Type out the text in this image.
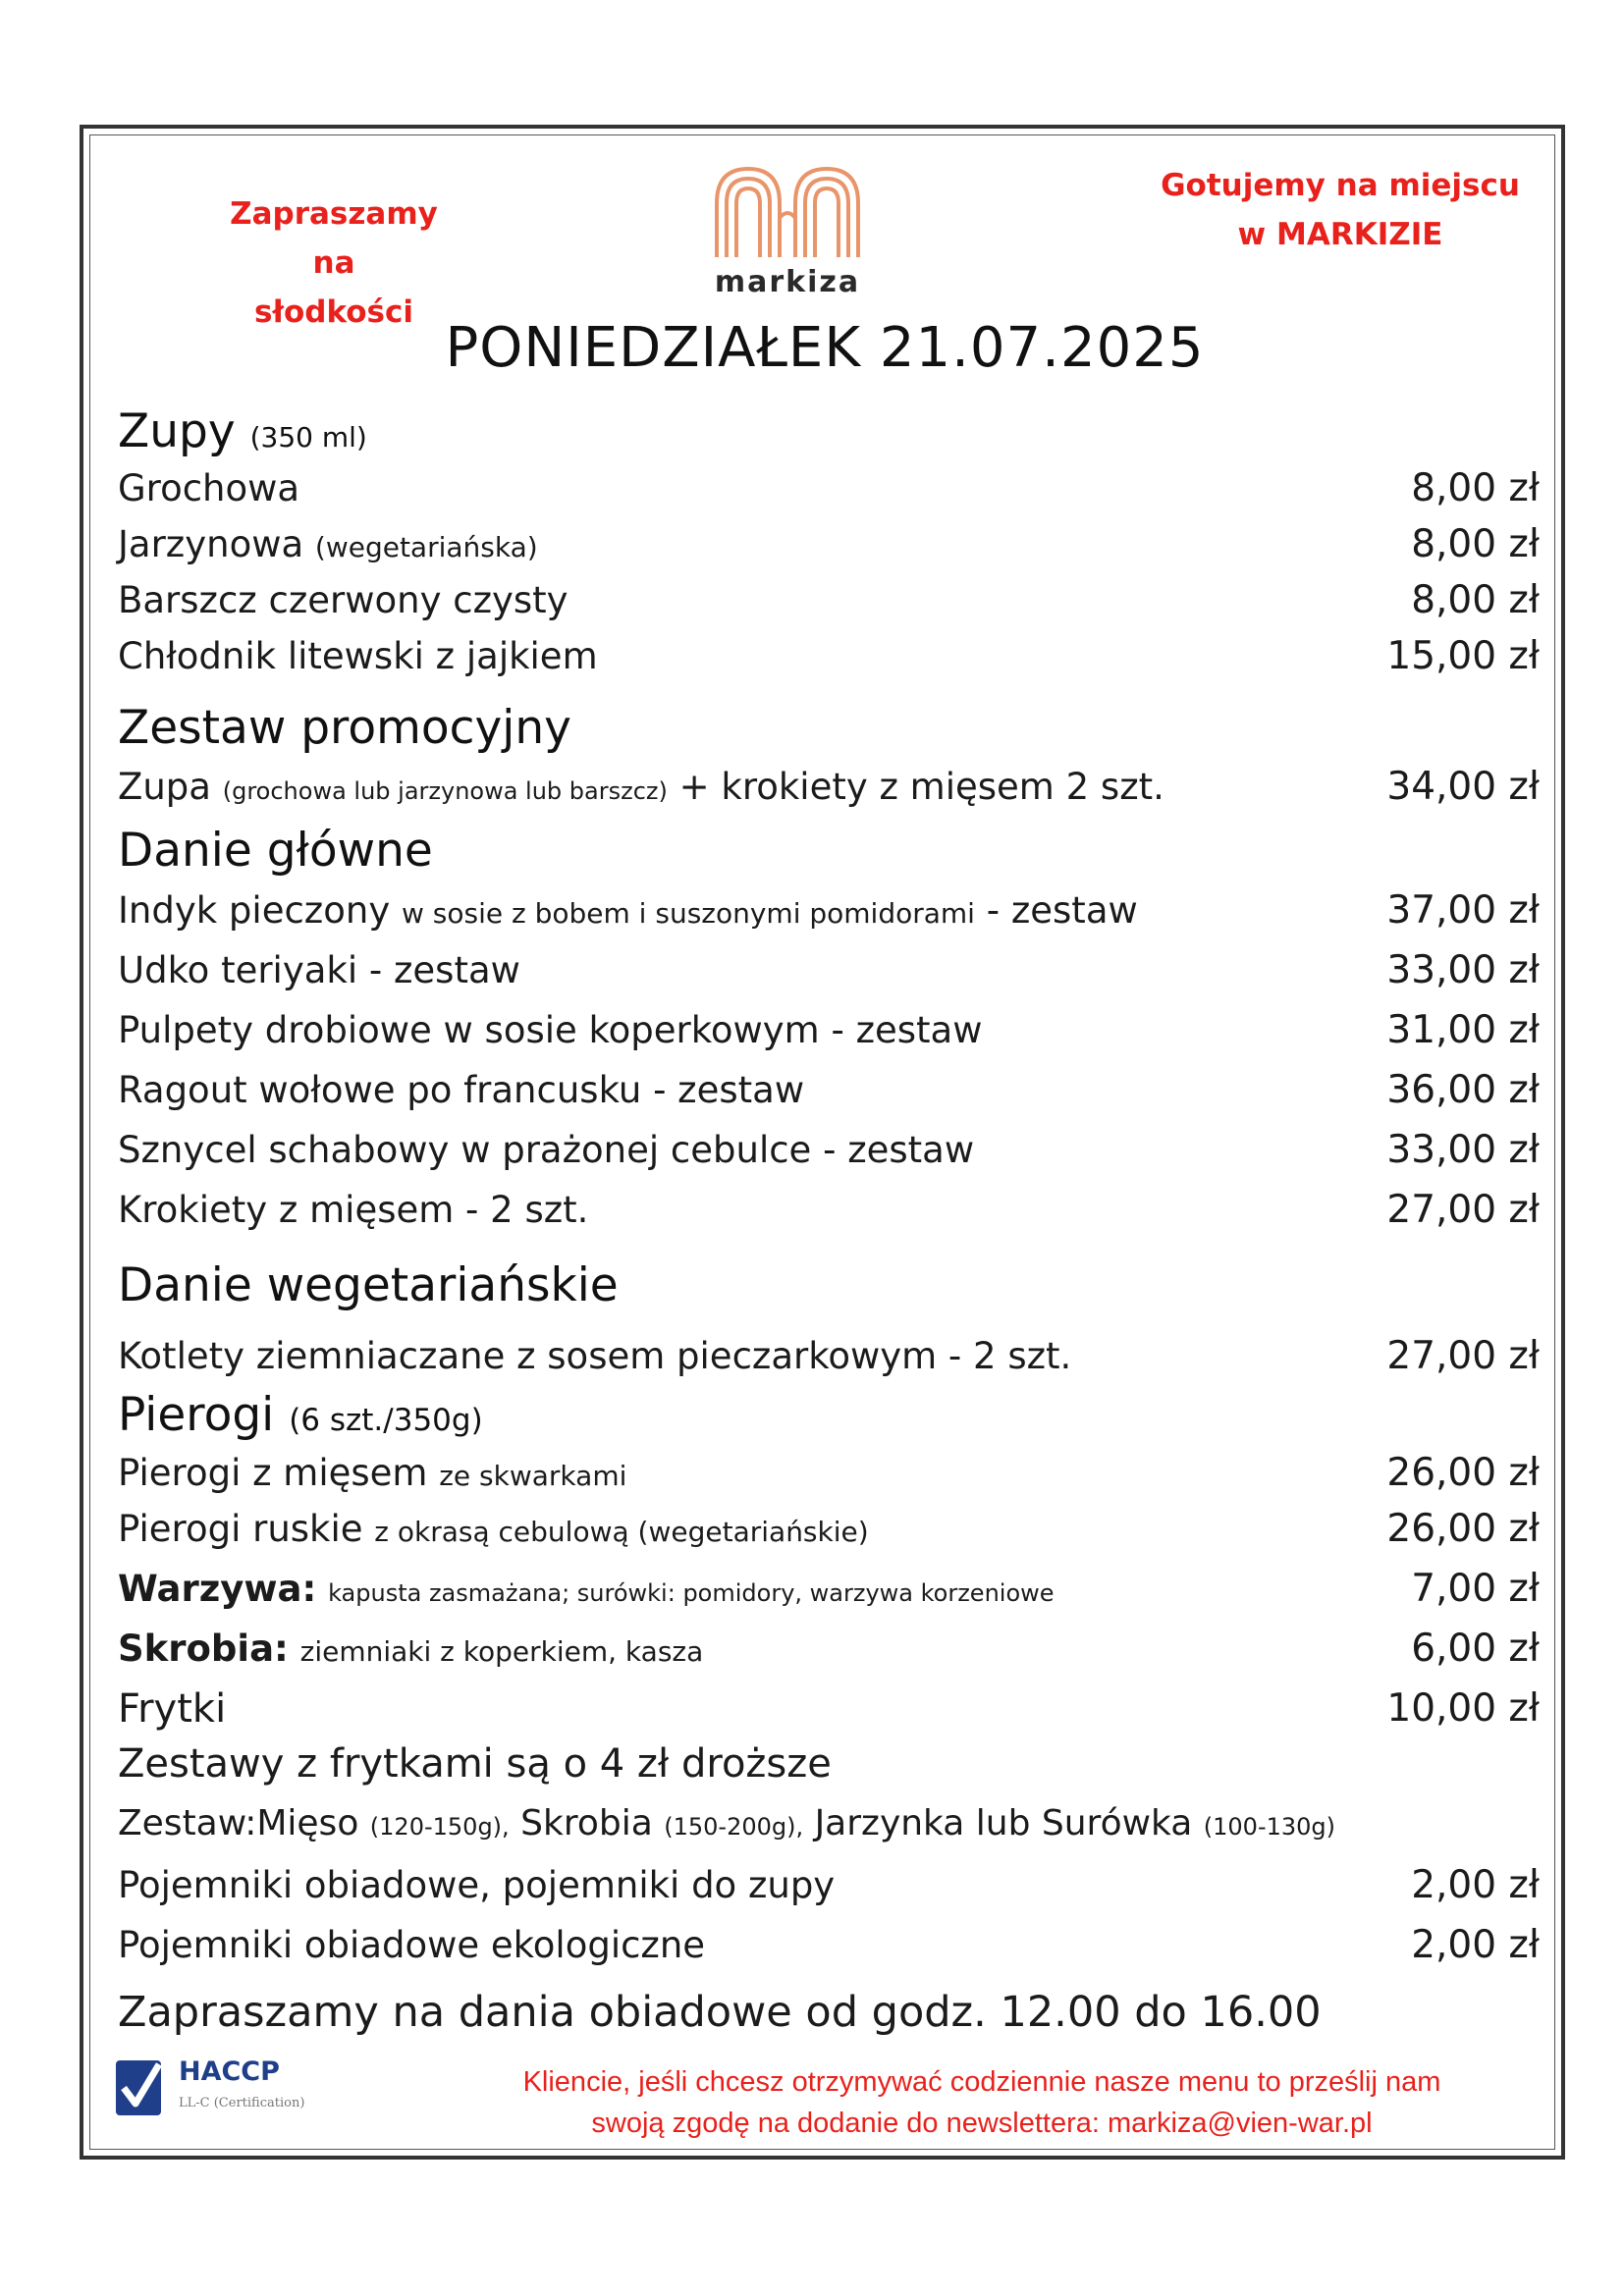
Zapraszamy na
słodkości
markiza
Gotujemy na miejscu
w MARKIZIE
PONIEDZIAŁEK 21.07.2025
Zupy (350 ml)
Grochowa	8,00 zł
Jarzynowa (wegetariańska)	8,00 zł
Barszcz czerwony czysty	8,00 zł
Chłodnik litewski z jajkiem	15,00 zł
Zestaw promocyjny
Zupa (grochowa lub jarzynowa lub barszcz) + krokiety z mięsem 2 szt.	34,00 zł
Danie główne
Indyk pieczony w sosie z bobem i suszonymi pomidorami - zestaw	37,00 zł
Udko teriyaki - zestaw	33,00 zł
Pulpety drobiowe w sosie koperkowym - zestaw	31,00 zł
Ragout wołowe po francusku - zestaw	36,00 zł
Sznycel schabowy w prażonej cebulce - zestaw	33,00 zł
Krokiety z mięsem - 2 szt.	27,00 zł
Danie wegetariańskie
Kotlety ziemniaczane z sosem pieczarkowym - 2 szt.	27,00 zł
Pierogi (6 szt./350g)
Pierogi z mięsem ze skwarkami	26,00 zł
Pierogi ruskie z okrasą cebulową (wegetariańskie)	26,00 zł
Warzywa: kapusta zasmażana; surówki: pomidory, warzywa korzeniowe	7,00 zł
Skrobia: ziemniaki z koperkiem, kasza	6,00 zł
Frytki	10,00 zł
Zestawy z frytkami są o 4 zł droższe
Zestaw:Mięso (120-150g), Skrobia (150-200g), Jarzynka lub Surówka (100-130g)
Pojemniki obiadowe, pojemniki do zupy	2,00 zł
Pojemniki obiadowe ekologiczne	2,00 zł
Zapraszamy na dania obiadowe od godz. 12.00 do 16.00
HACCP
LL-C (Certification)
Kliencie, jeśli chcesz otrzymywać codziennie nasze menu to prześlij nam
swoją zgodę na dodanie do newslettera: markiza@vien-war.pl
